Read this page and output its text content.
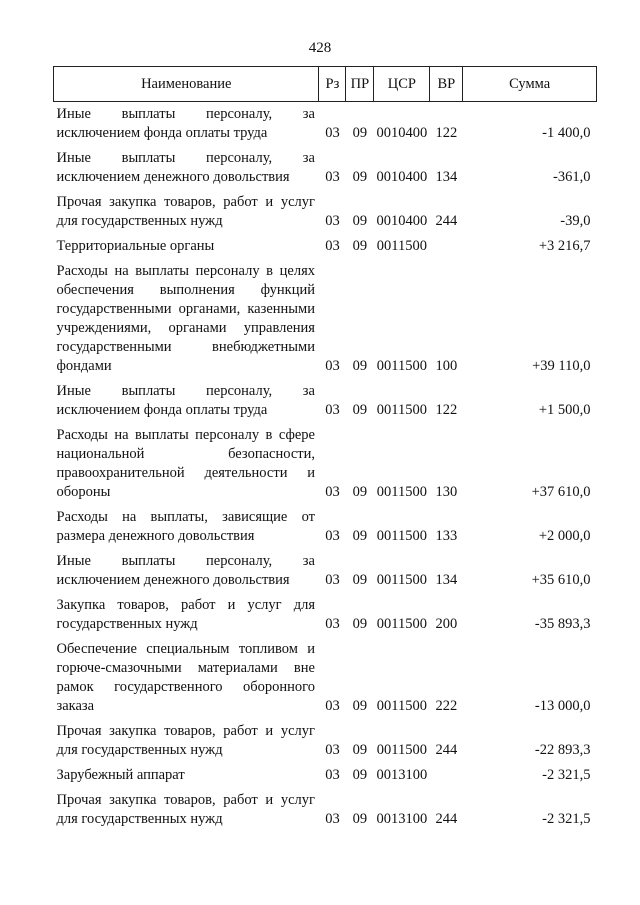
428
Наименование	Рз	ПР	ЦСР	ВР	Сумма
Иные выплаты персоналу, за исключением фонда оплаты труда	03	09	0010400	122	-1 400,0
Иные выплаты персоналу, за исключением денежного довольствия	03	09	0010400	134	-361,0
Прочая закупка товаров, работ и услуг для государственных нужд	03	09	0010400	244	-39,0
Территориальные органы	03	09	0011500		+3 216,7
Расходы на выплаты персоналу в целях обеспечения выполнения функций государственными органами, казенными учреждениями, органами управления государственными внебюджетными фондами	03	09	0011500	100	+39 110,0
Иные выплаты персоналу, за исключением фонда оплаты труда	03	09	0011500	122	+1 500,0
Расходы на выплаты персоналу в сфере национальной безопасности, правоохранительной деятельности и обороны	03	09	0011500	130	+37 610,0
Расходы на выплаты, зависящие от размера денежного довольствия	03	09	0011500	133	+2 000,0
Иные выплаты персоналу, за исключением денежного довольствия	03	09	0011500	134	+35 610,0
Закупка товаров, работ и услуг для государственных нужд	03	09	0011500	200	-35 893,3
Обеспечение специальным топливом и горюче-смазочными материалами вне рамок государственного оборонного заказа	03	09	0011500	222	-13 000,0
Прочая закупка товаров, работ и услуг для государственных нужд	03	09	0011500	244	-22 893,3
Зарубежный аппарат	03	09	0013100		-2 321,5
Прочая закупка товаров, работ и услуг для государственных нужд	03	09	0013100	244	-2 321,5
